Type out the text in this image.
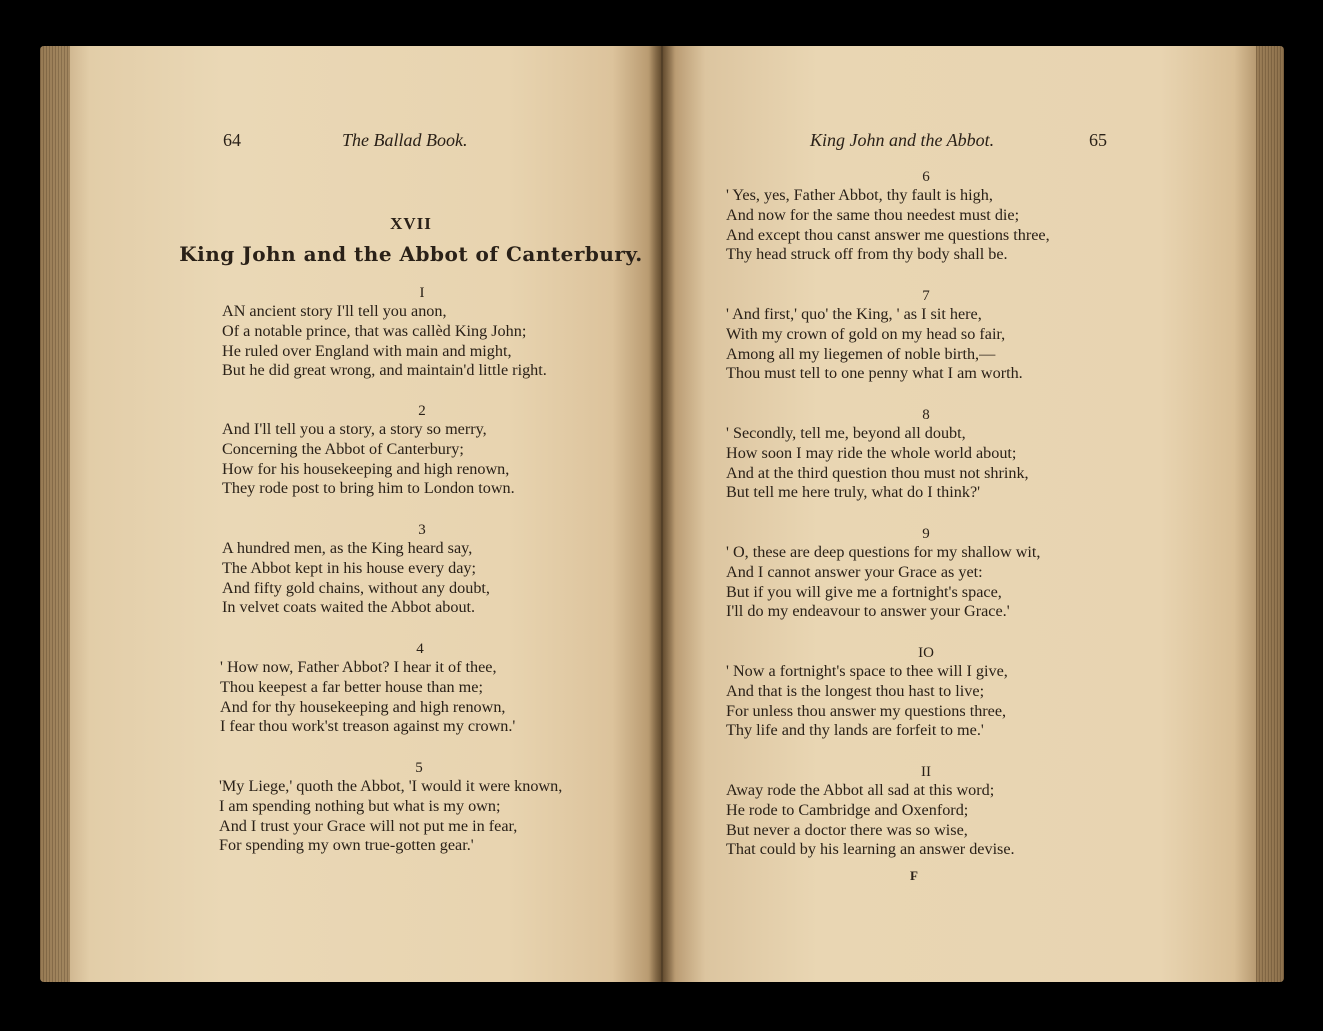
64	The Ballad Book.
XVII
King John and the Abbot of Canterbury.
I
AN ancient story I'll tell you anon,
Of a notable prince, that was callèd King John;
He ruled over England with main and might,
But he did great wrong, and maintain'd little right.
2
And I'll tell you a story, a story so merry,
Concerning the Abbot of Canterbury;
How for his housekeeping and high renown,
They rode post to bring him to London town.
3
A hundred men, as the King heard say,
The Abbot kept in his house every day;
And fifty gold chains, without any doubt,
In velvet coats waited the Abbot about.
4
' How now, Father Abbot? I hear it of thee,
Thou keepest a far better house than me;
And for thy housekeeping and high renown,
I fear thou work'st treason against my crown.'
5
'My Liege,' quoth the Abbot, 'I would it were known,
I am spending nothing but what is my own;
And I trust your Grace will not put me in fear,
For spending my own true-gotten gear.'
King John and the Abbot.	65
6
' Yes, yes, Father Abbot, thy fault is high,
And now for the same thou needest must die;
And except thou canst answer me questions three,
Thy head struck off from thy body shall be.
7
' And first,' quo' the King, ' as I sit here,
With my crown of gold on my head so fair,
Among all my liegemen of noble birth,—
Thou must tell to one penny what I am worth.
8
' Secondly, tell me, beyond all doubt,
How soon I may ride the whole world about;
And at the third question thou must not shrink,
But tell me here truly, what do I think?'
9
' O, these are deep questions for my shallow wit,
And I cannot answer your Grace as yet:
But if you will give me a fortnight's space,
I'll do my endeavour to answer your Grace.'
IO
' Now a fortnight's space to thee will I give,
And that is the longest thou hast to live;
For unless thou answer my questions three,
Thy life and thy lands are forfeit to me.'
II
Away rode the Abbot all sad at this word;
He rode to Cambridge and Oxenford;
But never a doctor there was so wise,
That could by his learning an answer devise.
F
